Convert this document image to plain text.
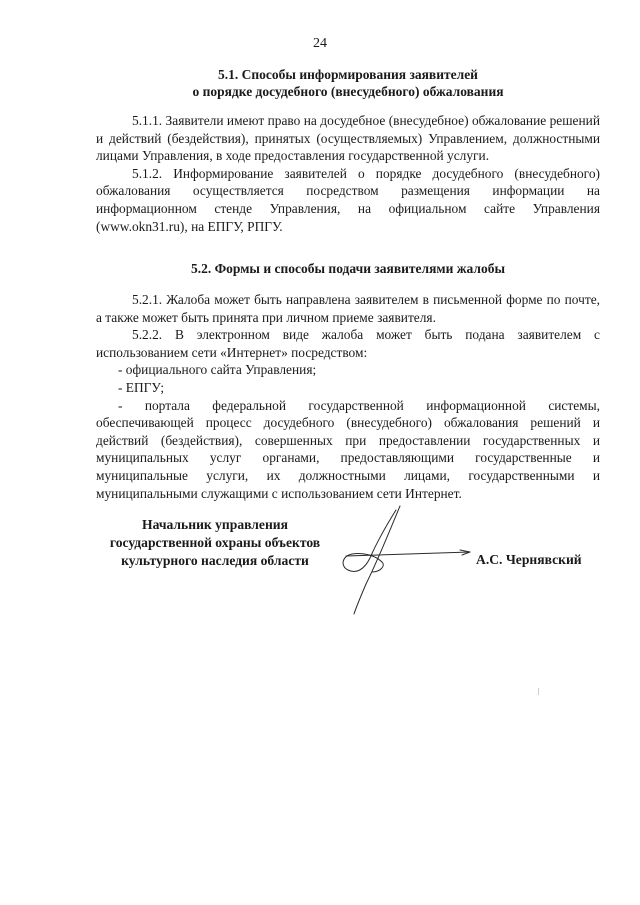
24
5.1. Способы информирования заявителей
о порядке досудебного (внесудебного) обжалования

5.1.1. Заявители имеют право на досудебное (внесудебное) обжалование решений и действий (бездействия), принятых (осуществляемых) Управлением, должностными лицами Управления, в ходе предоставления государственной услуги.

5.1.2. Информирование заявителей о порядке досудебного (внесудебного) обжалования осуществляется посредством размещения информации на информационном стенде Управления, на официальном сайте Управления (www.okn31.ru), на ЕПГУ, РПГУ.

5.2. Формы и способы подачи заявителями жалобы

5.2.1. Жалоба может быть направлена заявителем в письменной форме по почте, а также может быть принята при личном приеме заявителя.

5.2.2. В электронном виде жалоба может быть подана заявителем с использованием сети «Интернет» посредством:

- официального сайта Управления;

- ЕПГУ;

- портала федеральной государственной информационной системы, обеспечивающей процесс досудебного (внесудебного) обжалования решений и действий (бездействия), совершенных при предоставлении государственных и муниципальных услуг органами, предоставляющими государственные и муниципальные услуги, их должностными лицами, государственными и муниципальными служащими с использованием сети Интернет.

Начальник управления
государственной охраны объектов
культурного наследия области	А.С. Чернявский
